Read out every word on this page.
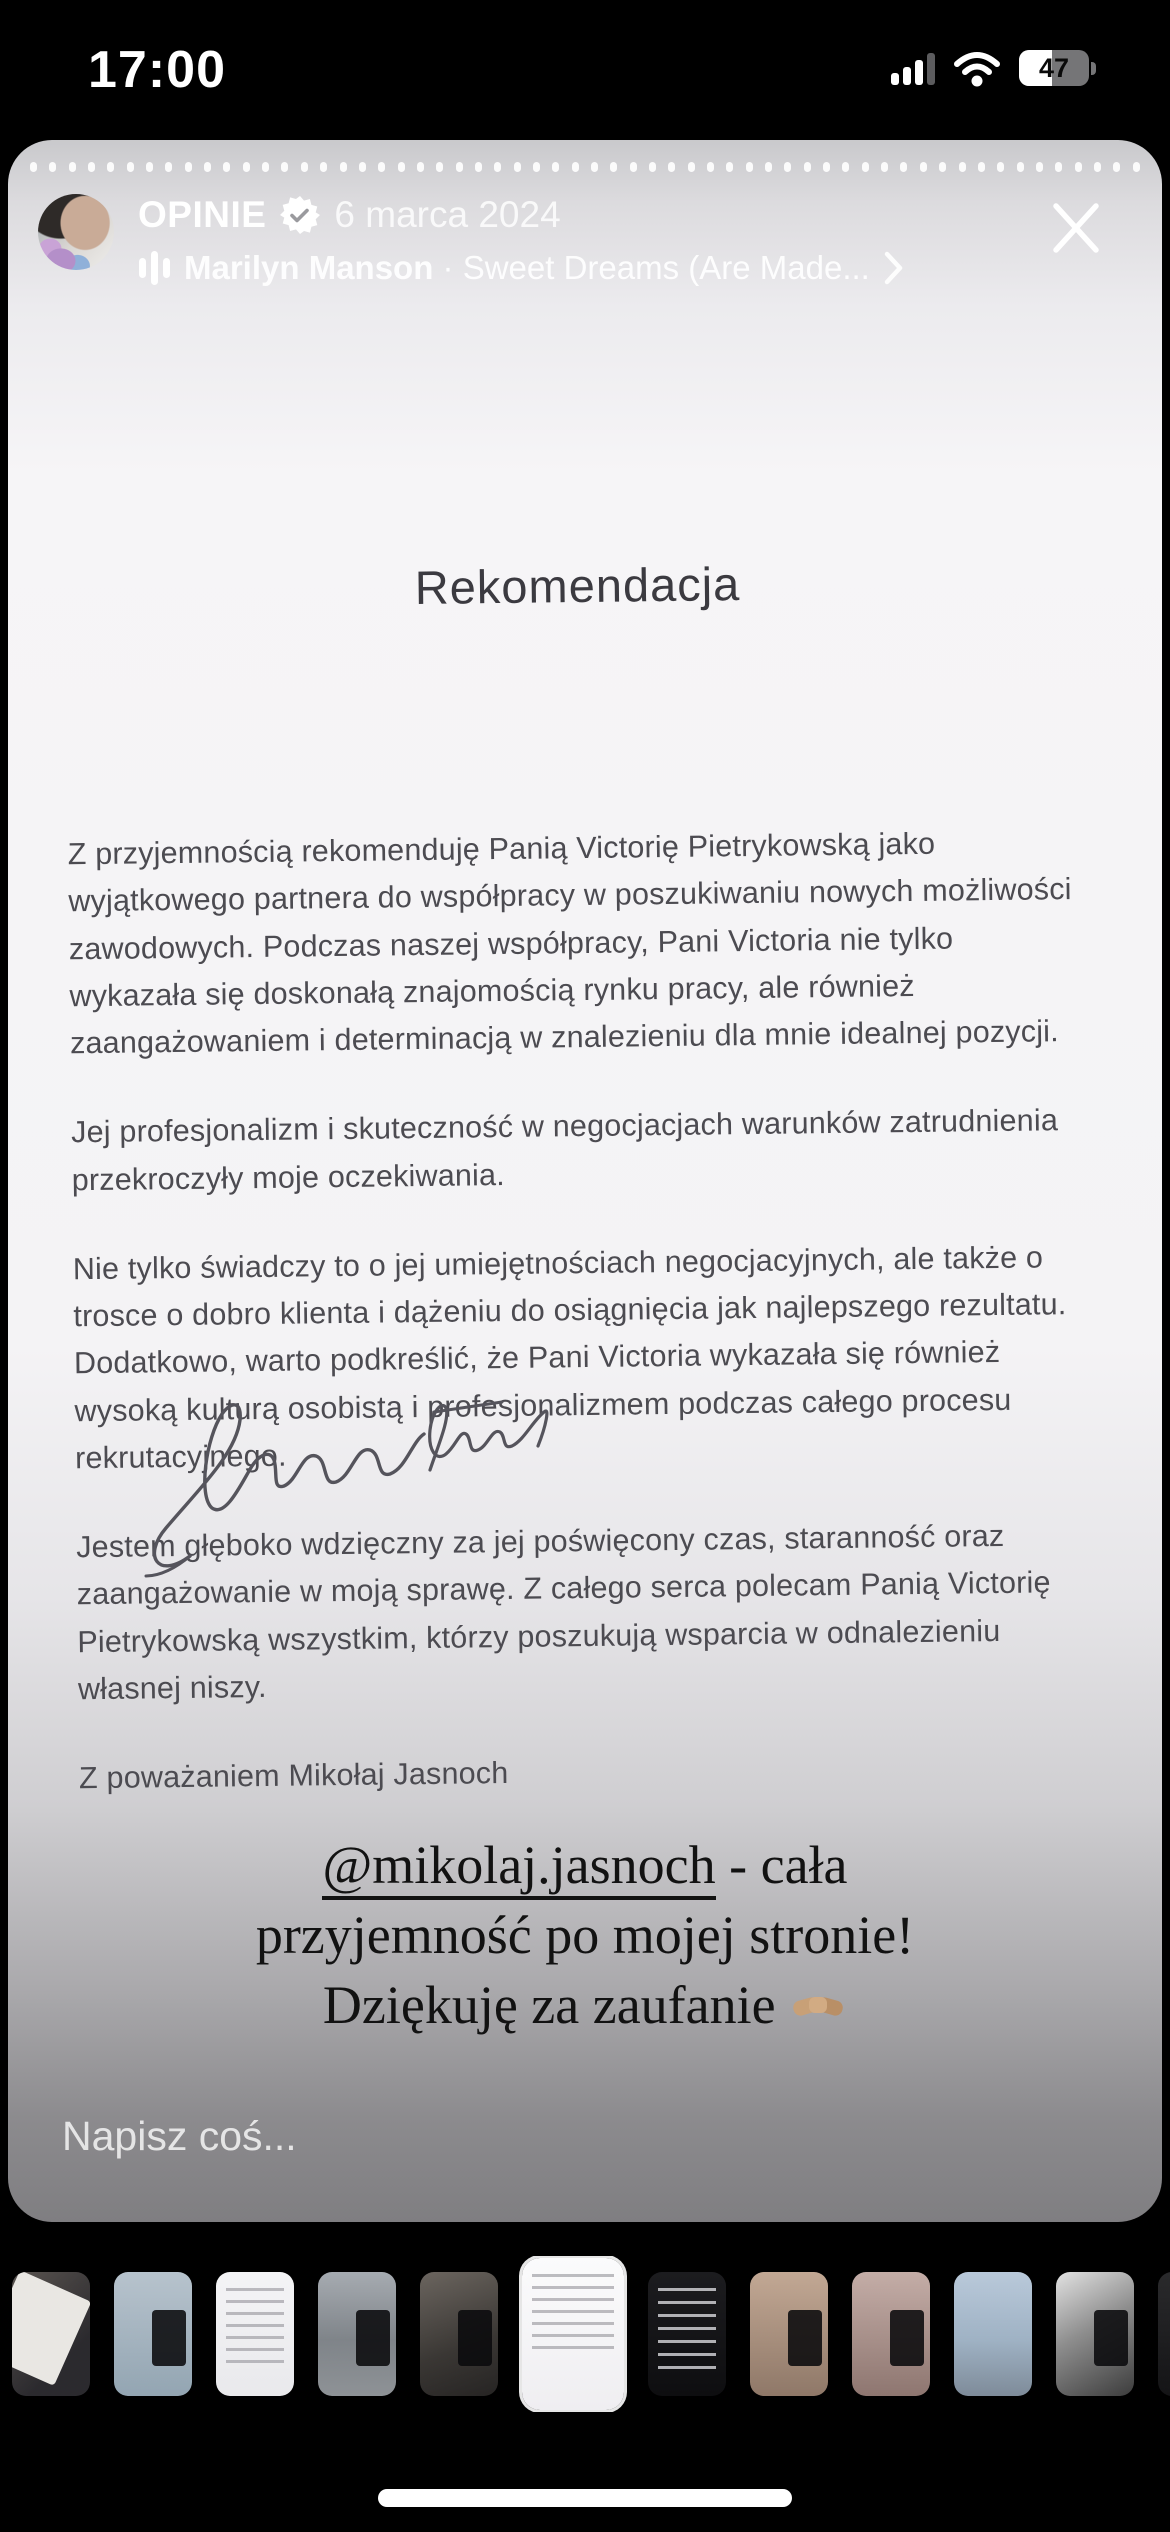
17:00	47
OPINIE 6 marca 2024
Marilyn Manson · Sweet Dreams (Are Made...
Rekomendacja

Z przyjemnością rekomenduję Panią Victorię Pietrykowską jako wyjątkowego partnera do współpracy w poszukiwaniu nowych możliwości zawodowych. Podczas naszej współpracy, Pani Victoria nie tylko wykazała się doskonałą znajomością rynku pracy, ale również zaangażowaniem i determinacją w znalezieniu dla mnie idealnej pozycji.

Jej profesjonalizm i skuteczność w negocjacjach warunków zatrudnienia przekroczyły moje oczekiwania.

Nie tylko świadczy to o jej umiejętnościach negocjacyjnych, ale także o trosce o dobro klienta i dążeniu do osiągnięcia jak najlepszego rezultatu. Dodatkowo, warto podkreślić, że Pani Victoria wykazała się również wysoką kulturą osobistą i profesjonalizmem podczas całego procesu rekrutacyjnego.

Jestem głęboko wdzięczny za jej poświęcony czas, staranność oraz zaangażowanie w moją sprawę. Z całego serca polecam Panią Victorię Pietrykowską wszystkim, którzy poszukują wsparcia w odnalezieniu własnej niszy.

Z poważaniem Mikołaj Jasnoch

@mikolaj.jasnoch - cała
przyjemność po mojej stronie!
Dziękuję za zaufanie
Napisz coś...
